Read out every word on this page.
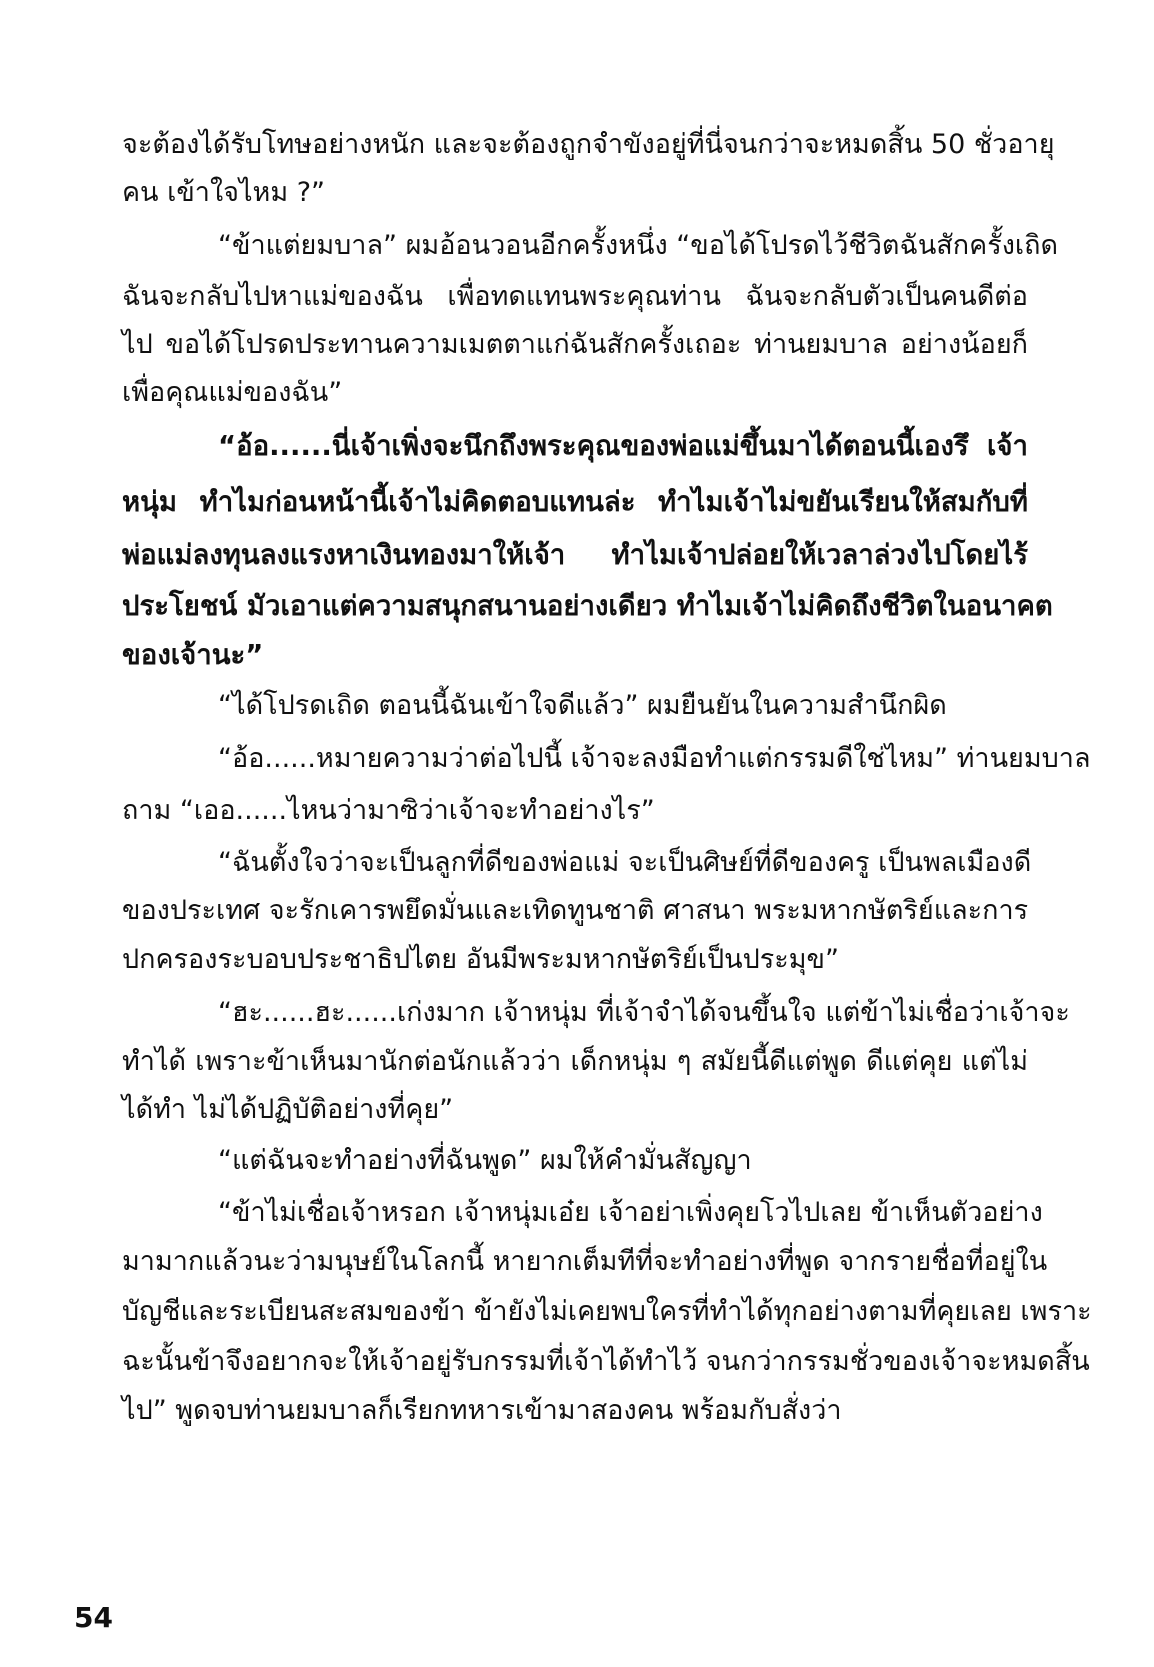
จะต้องได้รับโทษอย่างหนัก และจะต้องถูกจำขังอยู่ที่นี่จนกว่าจะหมดสิ้น 50 ชั่วอายุ
คน เข้าใจไหม ?”
“ข้าแต่ยมบาล” ผมอ้อนวอนอีกครั้งหนึ่ง “ขอได้โปรดไว้ชีวิตฉันสักครั้งเถิด
ฉันจะกลับไปหาแม่ของฉัน เพื่อทดแทนพระคุณท่าน ฉันจะกลับตัวเป็นคนดีต่อ
ไป ขอได้โปรดประทานความเมตตาแก่ฉันสักครั้งเถอะ ท่านยมบาล อย่างน้อยก็
เพื่อคุณแม่ของฉัน”
“อ้อ......นี่เจ้าเพิ่งจะนึกถึงพระคุณของพ่อแม่ขึ้นมาได้ตอนนี้เองรึ เจ้า
หนุ่ม ทำไมก่อนหน้านี้เจ้าไม่คิดตอบแทนล่ะ ทำไมเจ้าไม่ขยันเรียนให้สมกับที่
พ่อแม่ลงทุนลงแรงหาเงินทองมาให้เจ้า ทำไมเจ้าปล่อยให้เวลาล่วงไปโดยไร้
ประโยชน์ มัวเอาแต่ความสนุกสนานอย่างเดียว ทำไมเจ้าไม่คิดถึงชีวิตในอนาคต
ของเจ้านะ”
“ได้โปรดเถิด ตอนนี้ฉันเข้าใจดีแล้ว” ผมยืนยันในความสำนึกผิด
“อ้อ......หมายความว่าต่อไปนี้ เจ้าจะลงมือทำแต่กรรมดีใช่ไหม” ท่านยมบาล
ถาม “เออ......ไหนว่ามาซิว่าเจ้าจะทำอย่างไร”
“ฉันตั้งใจว่าจะเป็นลูกที่ดีของพ่อแม่ จะเป็นศิษย์ที่ดีของครู เป็นพลเมืองดี
ของประเทศ จะรักเคารพยึดมั่นและเทิดทูนชาติ ศาสนา พระมหากษัตริย์และการ
ปกครองระบอบประชาธิปไตย อันมีพระมหากษัตริย์เป็นประมุข”
“ฮะ......ฮะ......เก่งมาก เจ้าหนุ่ม ที่เจ้าจำได้จนขึ้นใจ แต่ข้าไม่เชื่อว่าเจ้าจะ
ทำได้ เพราะข้าเห็นมานักต่อนักแล้วว่า เด็กหนุ่ม ๆ สมัยนี้ดีแต่พูด ดีแต่คุย แต่ไม่
ได้ทำ ไม่ได้ปฏิบัติอย่างที่คุย”
“แต่ฉันจะทำอย่างที่ฉันพูด” ผมให้คำมั่นสัญญา
“ข้าไม่เชื่อเจ้าหรอก เจ้าหนุ่มเอ๋ย เจ้าอย่าเพิ่งคุยโวไปเลย ข้าเห็นตัวอย่าง
มามากแล้วนะว่ามนุษย์ในโลกนี้ หายากเต็มทีที่จะทำอย่างที่พูด จากรายชื่อที่อยู่ใน
บัญชีและระเบียนสะสมของข้า ข้ายังไม่เคยพบใครที่ทำได้ทุกอย่างตามที่คุยเลย เพราะ
ฉะนั้นข้าจึงอยากจะให้เจ้าอยู่รับกรรมที่เจ้าได้ทำไว้ จนกว่ากรรมชั่วของเจ้าจะหมดสิ้น
ไป” พูดจบท่านยมบาลก็เรียกทหารเข้ามาสองคน พร้อมกับสั่งว่า
54
